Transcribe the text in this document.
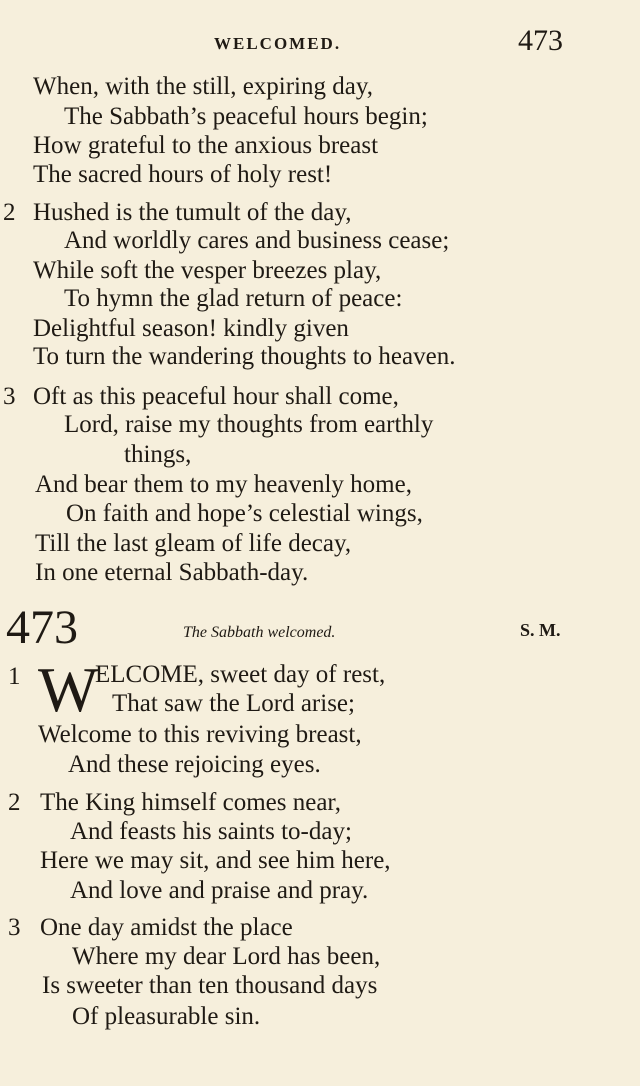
WELCOMED.	473
When, with the still, expiring day,
The Sabbath’s peaceful hours begin;
How grateful to the anxious breast
The sacred hours of holy rest!
2 Hushed is the tumult of the day,
And worldly cares and business cease;
While soft the vesper breezes play,
To hymn the glad return of peace:
Delightful season! kindly given
To turn the wandering thoughts to heaven.
3 Oft as this peaceful hour shall come,
Lord, raise my thoughts from earthly
things,
And bear them to my heavenly home,
On faith and hope’s celestial wings,
Till the last gleam of life decay,
In one eternal Sabbath-day.
473	The Sabbath welcomed.	S. M.
1 W
ELCOME, sweet day of rest,
That saw the Lord arise;
Welcome to this reviving breast,
And these rejoicing eyes.
2 The King himself comes near,
And feasts his saints to-day;
Here we may sit, and see him here,
And love and praise and pray.
3 One day amidst the place
Where my dear Lord has been,
Is sweeter than ten thousand days
Of pleasurable sin.
